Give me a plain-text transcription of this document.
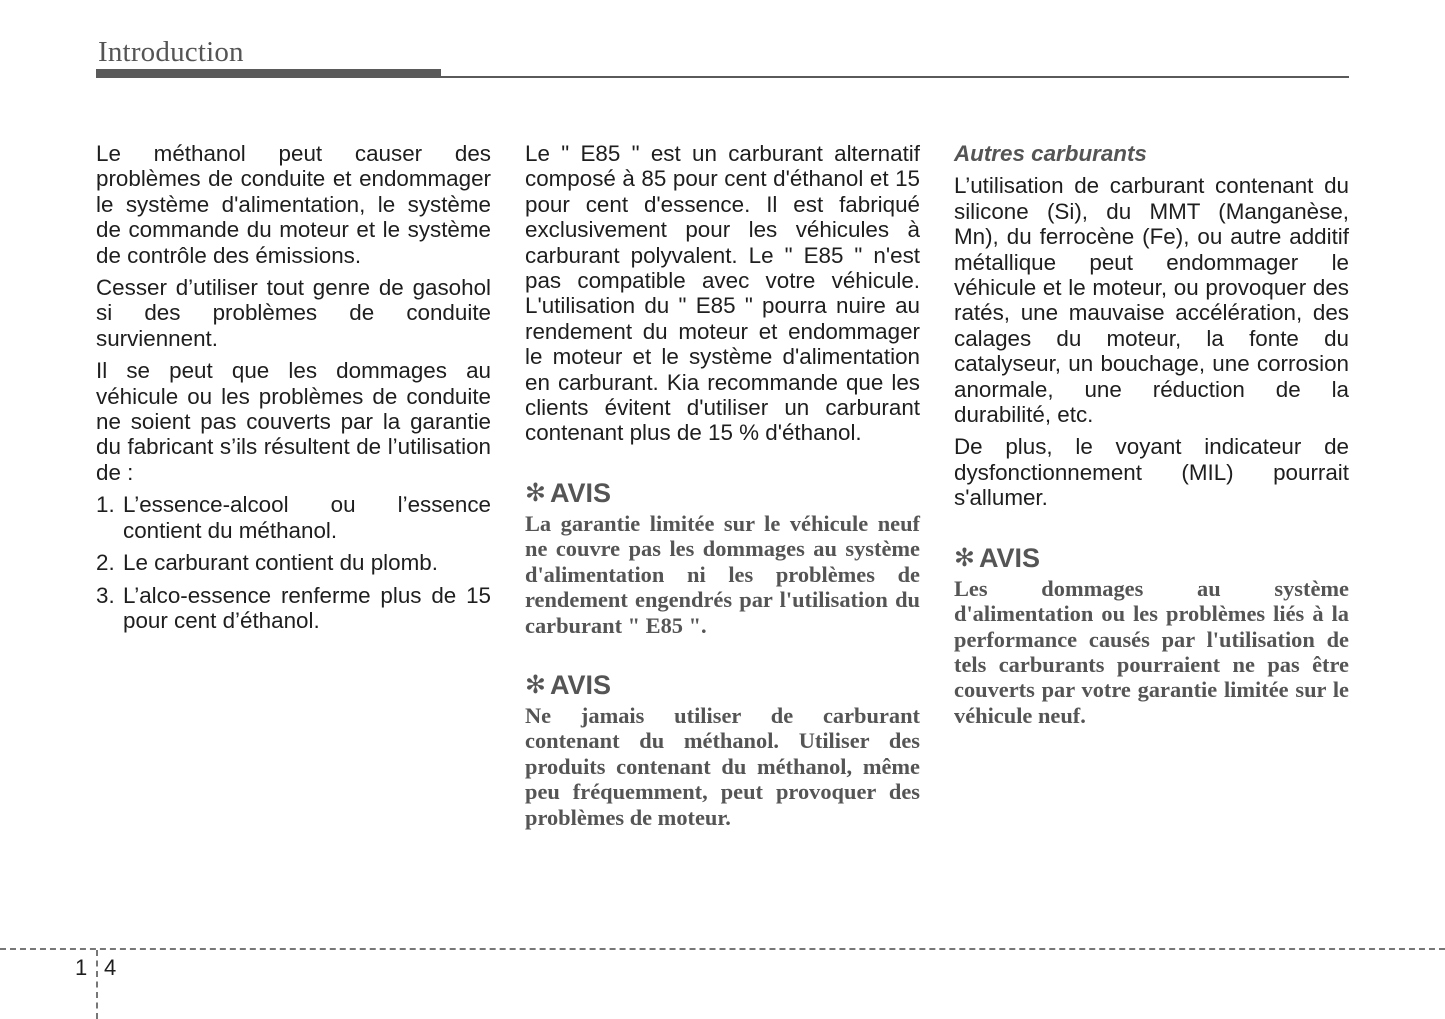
Introduction

Le méthanol peut causer des problèmes de conduite et endommager le système d'alimentation, le système de commande du moteur et le système de contrôle des émissions.

Cesser d’utiliser tout genre de gasohol si des problèmes de conduite surviennent.

Il se peut que les dommages au véhicule ou les problèmes de conduite ne soient pas couverts par la garantie du fabricant s’ils résultent de l’utilisation de :

1. L’essence-alcool ou l’essence contient du méthanol.
2. Le carburant contient du plomb.
3. L’alco-essence renferme plus de 15 pour cent d’éthanol.

Le " E85 " est un carburant alternatif composé à 85 pour cent d'éthanol et 15 pour cent d'essence. Il est fabriqué exclusivement pour les véhicules à carburant polyvalent. Le " E85 " n'est pas compatible avec votre véhicule. L'utilisation du " E85 " pourra nuire au rendement du moteur et endommager le moteur et le système d'alimentation en carburant. Kia recommande que les clients évitent d'utiliser un carburant contenant plus de 15 % d'éthanol.

✻ AVIS

La garantie limitée sur le véhicule neuf ne couvre pas les dommages au système d'alimentation ni les problèmes de rendement engendrés par l'utilisation du carburant " E85 ".

✻ AVIS

Ne jamais utiliser de carburant contenant du méthanol. Utiliser des produits contenant du méthanol, même peu fréquemment, peut provoquer des problèmes de moteur.

Autres carburants

L’utilisation de carburant contenant du silicone (Si), du MMT (Manganèse, Mn), du ferrocène (Fe), ou autre additif métallique peut endommager le véhicule et le moteur, ou provoquer des ratés, une mauvaise accélération, des calages du moteur, la fonte du catalyseur, un bouchage, une corrosion anormale, une réduction de la durabilité, etc.

De plus, le voyant indicateur de dysfonctionnement (MIL) pourrait s'allumer.

✻ AVIS

Les dommages au système d'alimentation ou les problèmes liés à la performance causés par l'utilisation de tels carburants pourraient ne pas être couverts par votre garantie limitée sur le véhicule neuf.

1 4
